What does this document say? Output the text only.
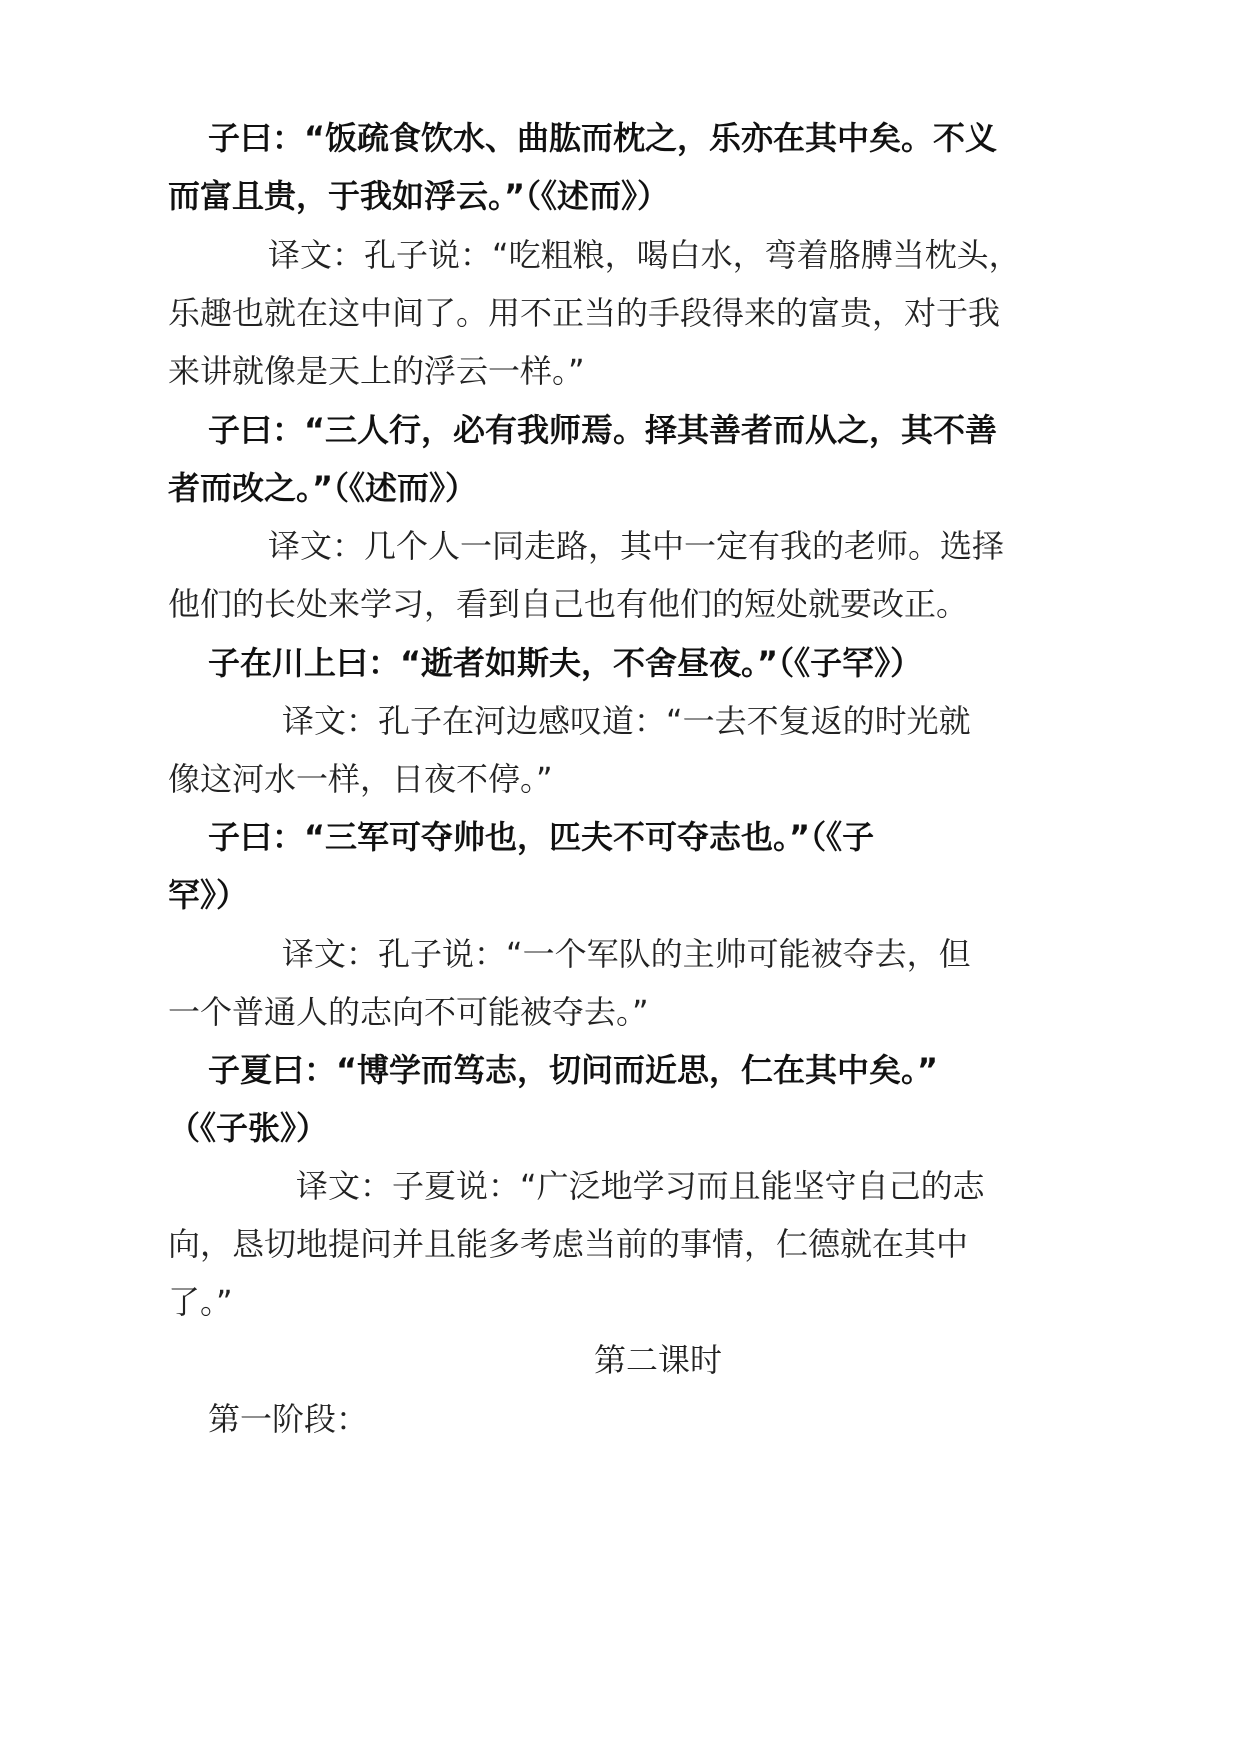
子曰：“饭疏食饮水、曲肱而枕之，乐亦在其中矣。不义
而富且贵，于我如浮云。”（《述而》）
译文：孔子说：“吃粗粮，喝白水，弯着胳膊当枕头，
乐趣也就在这中间了。用不正当的手段得来的富贵，对于我
来讲就像是天上的浮云一样。”
子曰：“三人行，必有我师焉。择其善者而从之，其不善
者而改之。”（《述而》）
译文：几个人一同走路，其中一定有我的老师。选择
他们的长处来学习，看到自己也有他们的短处就要改正。
子在川上曰：“逝者如斯夫，不舍昼夜。”（《子罕》）
译文：孔子在河边感叹道：“一去不复返的时光就
像这河水一样，日夜不停。”
子曰：“三军可夺帅也，匹夫不可夺志也。”（《子
罕》）
译文：孔子说：“一个军队的主帅可能被夺去，但
一个普通人的志向不可能被夺去。”
子夏曰：“博学而笃志，切问而近思，仁在其中矣。”
（《子张》）
译文：子夏说：“广泛地学习而且能坚守自己的志
向，恳切地提问并且能多考虑当前的事情，仁德就在其中
了。”
第二课时
第一阶段：
